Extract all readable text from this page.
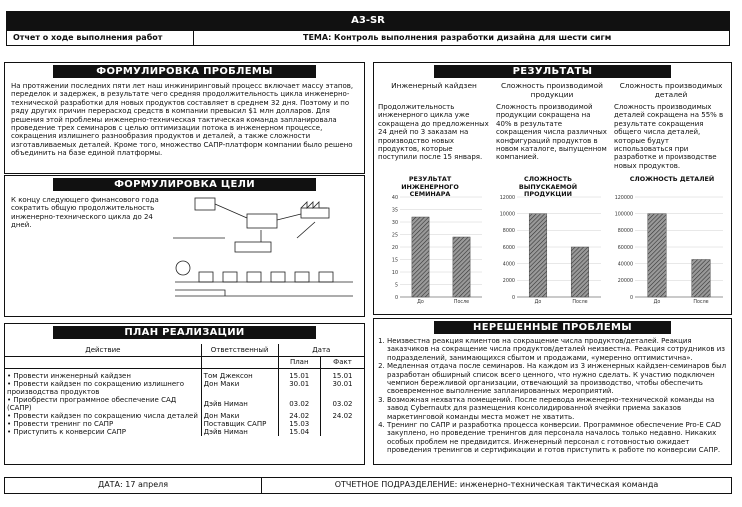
А3-SR
Отчет о ходе выполнения работ	ТЕМА: Контроль выполнения разработки дизайна для шести сигм
ФОРМУЛИРОВКА ПРОБЛЕМЫ
На протяжении последних пяти лет наш инжиниринговый процесс включает массу этапов, переделок и задержек, в результате чего средняя продолжительность цикла инженерно-технической разработки для новых продуктов составляет в среднем 32 дня. Поэтому и по ряду других причин перерасход средств в компании превысил $1 млн долларов. Для решения этой проблемы инженерно-техническая тактическая команда запланировала проведение трех семинаров с целью оптимизации потока в инженерном процессе, сокращения излишнего разнообразия продуктов и деталей, а также сложности изготавливаемых деталей. Кроме того, множество САПР-платформ компании было решено объединить на базе единой платформы.
ФОРМУЛИРОВКА ЦЕЛИ
К концу следующего финансового года сократить общую продолжительность инженерно-технического цикла до 24 дней.
ПЛАН РЕАЛИЗАЦИИ
Действие	Ответственный	Дата	
		План	Факт
• Провести инженерный кайдзен	Том Джексон	15.01	15.01
• Провести кайдзен по сокращению излишнего производства продуктов	Дон Маки	30.01	30.01
• Приобрести программное обеспечение САД (САПР)	Дэйв Ниман	03.02	03.02
• Провести кайдзен по сокращению числа деталей	Дон Маки	24.02	24.02
• Провести тренинг по САПР	Поставщик САПР	15.03	
• Приступить к конверсии САПР	Дэйв Ниман	15.04	
РЕЗУЛЬТАТЫ
Инженерный кайдзен
Продолжительность инженерного цикла уже сокращена до предложенных 24 дней по 3 заказам на производство новых продуктов, которые поступили после 15 января.
Сложность производимой продукции
Сложность производимой продукции сокращена на 40% в результате сокращения числа различных конфигураций продуктов в новом каталоге, выпущенном компанией.
Сложность производимых деталей
Сложность производимых деталей сокращена на 55% в результате сокращения общего числа деталей, которые будут использоваться при разработке и производстве новых продуктов.
РЕЗУЛЬТАТ ИНЖЕНЕРНОГО СЕМИНАРА
СЛОЖНОСТЬ ВЫПУСКАЕМОЙ ПРОДУКЦИИ
СЛОЖНОСТЬ ДЕТАЛЕЙ
0
5
10
15
20
25
30
35
40
До	После
0
2000
4000
6000
8000
10000
12000
До	После
0
20000
40000
60000
80000
100000
120000
До	После
НЕРЕШЕННЫЕ ПРОБЛЕМЫ
1. Неизвестна реакция клиентов на сокращение числа продуктов/деталей. Реакция заказчиков на сокращение числа продуктов/деталей неизвестна. Реакция сотрудников из подразделений, занимающихся сбытом и продажами, «умеренно оптимистична».
2. Медленная отдача после семинаров. На каждом из 3 инженерных кайдзен-семинаров был разработан обширный список всего ценного, что нужно сделать. К участию подключен чемпион бережливой организации, отвечающий за производство, чтобы обеспечить своевременное выполнение запланированных мероприятий.
3. Возможная нехватка помещений. После перевода инженерно-технической команды на завод Cybernautx для размещения консолидированной ячейки приема заказов маркетинговой команды места может не хватить.
4. Тренинг по САПР и разработка процесса конверсии. Программное обеспечение Pro-E CAD закуплено, но проведение тренингов для персонала началось только недавно. Никаких особых проблем не предвидится. Инженерный персонал с готовностью ожидает проведения тренингов и сертификации и готов приступить к работе по конверсии САПР.
ДАТА: 17 апреля	ОТЧЕТНОЕ ПОДРАЗДЕЛЕНИЕ: инженерно-техническая тактическая команда
